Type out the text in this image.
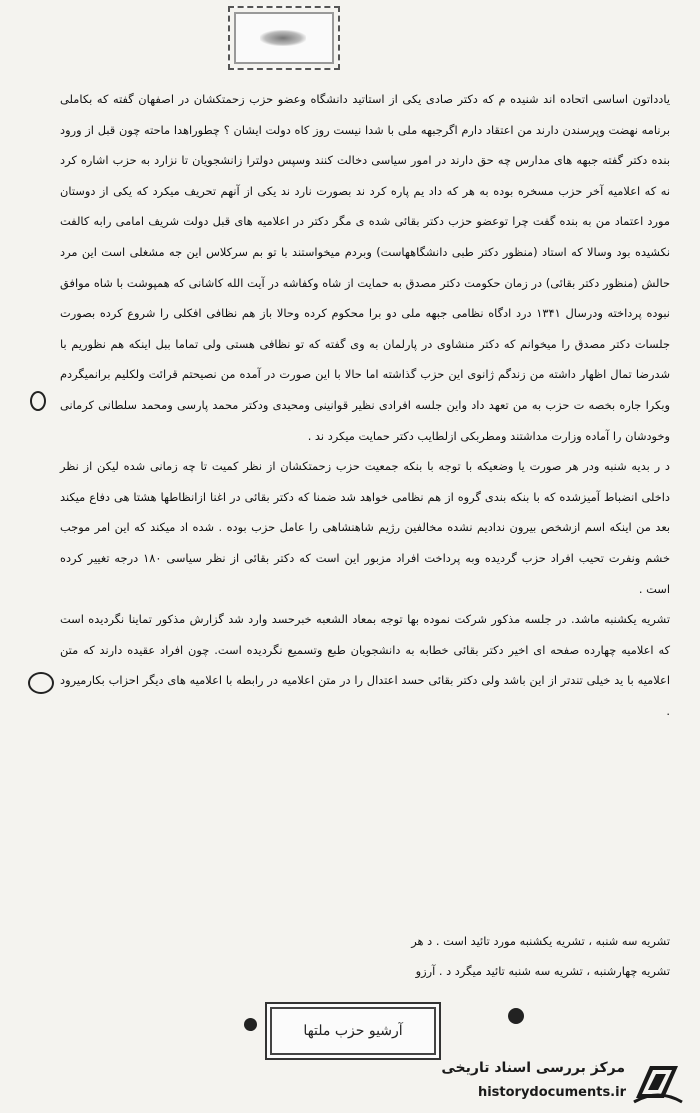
یادداتون اساسی اتحاده اند شنیده م که دکتر صادی یکی از استاتید دانشگاه وعضو حزب زحمتکشان در اصفهان گفته که بکاملی برنامه نهضت وپرسندن دارند من اعتقاد دارم اگرجبهه ملی با شدا نیست روز کاه دولت ایشان ؟ چطوراهدا ماحته چون قبل از ورود بنده دکتر گفته جبهه های مدارس چه حق دارند در امور سیاسی دخالت کنند وسپس دولترا زانشجویان تا نزارد به حزب اشاره کرد نه که اعلامیه آخر حزب مسخره بوده به هر که داد یم پاره کرد ند بصورت نارد ند یکی از آنهم تحریف میکرد که یکی از دوستان مورد اعتماد من به بنده گفت چرا توعضو حزب دکتر بقائی شده ی مگر دکتر در اعلامیه های قبل دولت شریف امامی رابه کالفت نکشیده بود وسالا که استاد (منظور دکتر طبی دانشگاههاست) وبردم میخواستند با تو بم سرکلاس این جه مشغلی است این مرد حالش (منظور دکتر بقائی) در زمان حکومت دکتر مصدق به حمایت از شاه وکفاشه در آیت الله کاشانی که همپوشت با شاه موافق نبوده پرداخته ودرسال ۱۳۴۱ درد ادگاه نظامی جبهه ملی دو برا محکوم کرده وحالا باز هم نظافی افکلی را شروع کرده بصورت جلسات دکتر مصدق را میخوانم که دکتر منشاوی در پارلمان به وی گفته که تو نظافی هستی ولی تماما ببل اینکه هم نظوریم با شدرضا تمال اظهار داشته من زندگم ژانوی این حزب گذاشته اما حالا با این صورت در آمده من نصیحتم قرائت ولکلیم برانمیگردم وبکرا جاره بخصه ت حزب به من تعهد داد واین جلسه افرادی نظیر قوانینی ومحیدی ودکتر محمد پارسی ومحمد سلطانی کرمانی وخودشان را آماده وزارت مداشتند ومطربکی ازلطایب دکتر حمایت میکرد ند .

د ر بدیه شنبه ودر هر صورت یا وضعیکه با توجه با بنکه جمعیت حزب زحمتکشان از نظر کمیت تا چه زمانی شده لیکن از نظر داخلی انضباط آمیزشده که با بنکه بندی گروه از هم نظامی خواهد شد ضمنا که دکتر بقائی در اغنا ازانظاطها هشتا هی دفاع میکند بعد من اینکه اسم ازشخص بیرون ندادیم نشده مخالفین رژیم شاهنشاهی را عامل حزب بوده . شده اد میکند که این امر موجب خشم ونفرت تحیب افراد حزب گردیده وبه پرداخت افراد مزبور این است که دکتر بقائی از نظر سیاسی ۱۸۰ درجه تغییر کرده است .

تشریه یکشنبه ماشد. در جلسه مذکور شرکت نموده بها توجه بمعاد الشعبه خبرحسد وارد شد گزارش مذکور تماینا نگردیده است که اعلامیه چهارده صفحه ای اخیر دکتر بقائی خطابه به دانشجویان طبع وتسمیع نگردیده است. چون افراد عقیده دارند که متن اعلامیه با ید خیلی تندتر از این باشد ولی دکتر بقائی حسد اعتدال را در متن اعلامیه در رابطه با اعلامیه های دیگر احزاب بکارمیرود .

تشریه سه شنبه ، تشریه یکشنبه مورد تائید است . د هر
تشریه چهارشنبه ، تشریه سه شنبه تائید میگرد د . آرزو
آرشیو حزب ملتها
مرکز بررسی اسناد تاریخی
historydocuments.ir
